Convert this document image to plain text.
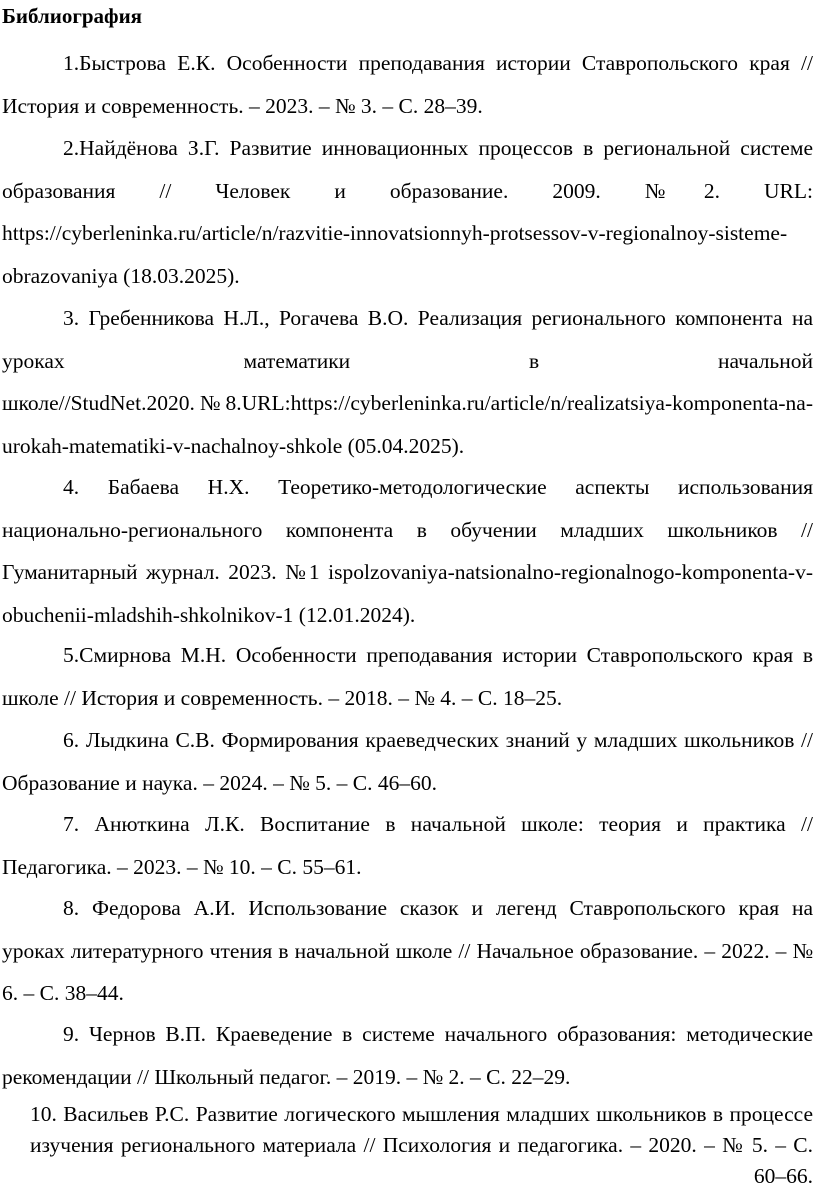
Библиография

1.Быстрова Е.К. Особенности преподавания истории Ставропольского края // История и современность. – 2023. – № 3. – С. 28–39.

2.Найдёнова З.Г. Развитие инновационных процессов в региональной системе образования // Человек и образование. 2009. №2. URL: https://cyberleninka.ru/article/n/razvitie-innovatsionnyh-protsessov-v-regionalnoy-sisteme-obrazovaniya (18.03.2025).

3. Гребенникова Н.Л., Рогачева В.О. Реализация регионального компонента на уроках математики в начальной школе//StudNet.2020.№8.URL:https://cyberleninka.ru/article/n/realizatsiya-komponenta-na-urokah-matematiki-v-nachalnoy-shkole (05.04.2025).

4. Бабаева Н.Х. Теоретико-методологические аспекты использования национально-регионального компонента в обучении младших школьников // Гуманитарный журнал. 2023. №1 ispolzovaniya-natsionalno-regionalnogo-komponenta-v-obuchenii-mladshih-shkolnikov-1 (12.01.2024).

5.Смирнова М.Н. Особенности преподавания истории Ставропольского края в школе // История и современность. – 2018. – № 4. – С. 18–25.

6. Лыдкина С.В. Формирования краеведческих знаний у младших школьников // Образование и наука. – 2024. – № 5. – С. 46–60.

7. Анюткина Л.К. Воспитание в начальной школе: теория и практика // Педагогика. – 2023. – № 10. – С. 55–61.

8. Федорова А.И. Использование сказок и легенд Ставропольского края на уроках литературного чтения в начальной школе // Начальное образование. – 2022. – № 6. – С. 38–44.

9. Чернов В.П. Краеведение в системе начального образования: методические рекомендации // Школьный педагог. – 2019. – № 2. – С. 22–29.

10. Васильев Р.С. Развитие логического мышления младших школьников в процессе изучения регионального материала // Психология и педагогика. – 2020. – № 5. – С. 60–66.
